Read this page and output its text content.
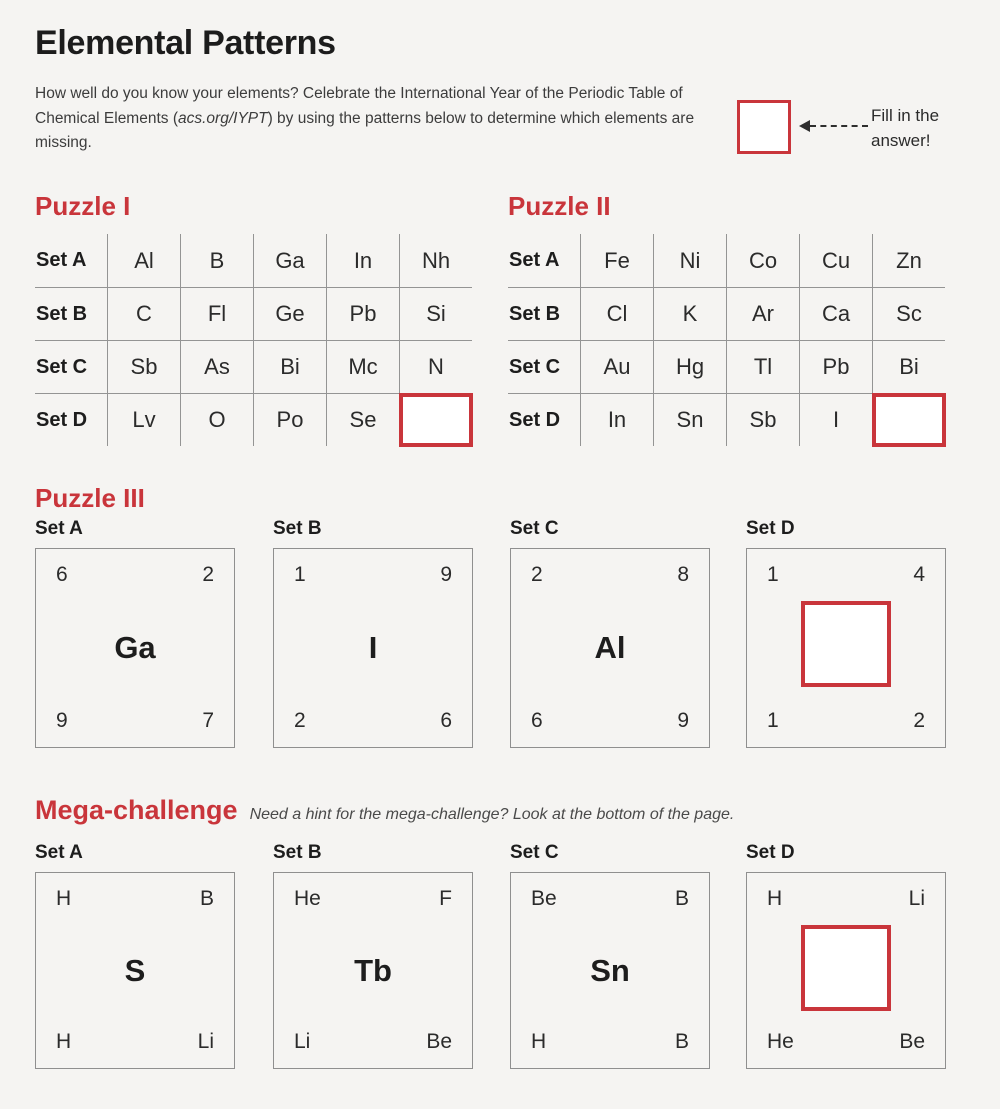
Elemental Patterns

How well do you know your elements? Celebrate the International Year of the Periodic Table of Chemical Elements (acs.org/IYPT) by using the patterns below to determine which elements are missing.

Fill in the
answer!
Puzzle I
Set A	Al	B	Ga	In	Nh
Set B	C	Fl	Ge	Pb	Si
Set C	Sb	As	Bi	Mc	N
Set D	Lv	O	Po	Se
Puzzle II
Set A	Fe	Ni	Co	Cu	Zn
Set B	Cl	K	Ar	Ca	Sc
Set C	Au	Hg	Tl	Pb	Bi
Set D	In	Sn	Sb	I
Puzzle III
Set A
6	2
9	7
Ga
Set B
1	9
2	6
I
Set C
2	8
6	9
Al
Set D
1	4
1	2
Mega-challenge Need a hint for the mega-challenge? Look at the bottom of the page.
Set A
H	B
H	Li
S
Set B
He	F
Li	Be
Tb
Set C
Be	B
H	B
Sn
Set D
H	Li
He	Be
